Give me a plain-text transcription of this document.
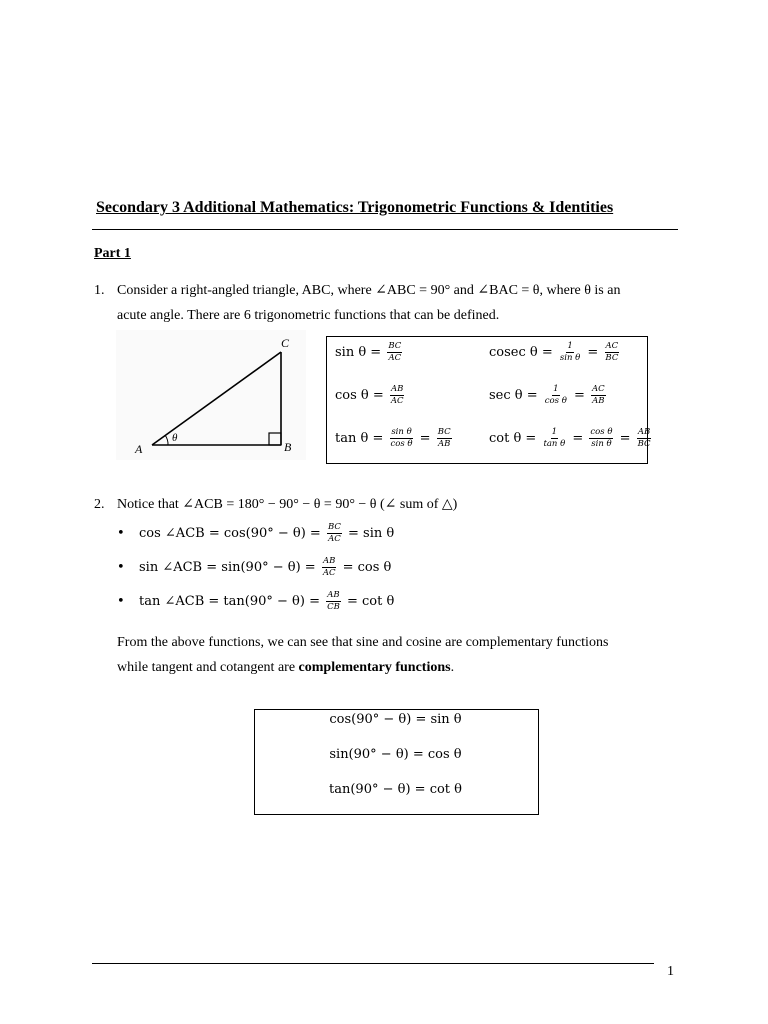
Secondary 3 Additional Mathematics: Trigonometric Functions & Identities
Part 1
1. Consider a right-angled triangle, ABC, where ∠ABC = 90° and ∠BAC = θ, where θ is an
acute angle. There are 6 trigonometric functions that can be defined.
A	B
C
θ
$\sin \theta = \frac{BC}{AC}$	cosec $\theta = \frac{1}{\text{sin θ}} = \frac{AC}{BC}$
$\cos \theta = \frac{AB}{AC}$	$\sec \theta = \frac{1}{\text{cos θ}} = \frac{AC}{AB}$
$\tan \theta = \frac{\text{sin θ}}{\text{cos θ}} = \frac{BC}{AB}$	$\cot \theta = \frac{1}{\text{tan θ}} = \frac{\text{cos θ}}{\text{sin θ}} = \frac{AB}{BC}$
2. Notice that ∠ACB = 180° − 90° − θ = 90° − θ (∠ sum of △)
• cos ∠ACB = $\cos(90^\circ - \theta) = \frac{BC}{AC} = \sin \theta$
• sin ∠ACB = $\sin(90^\circ - \theta) = \frac{AB}{AC} = \cos \theta$
• tan ∠ACB = $\tan(90^\circ - \theta) = \frac{AB}{CB} = \cot \theta$
From the above functions, we can see that sine and cosine are complementary functions
while tangent and cotangent are complementary functions.
cos(90° − θ) = sin θ
sin(90° − θ) = cos θ
tan(90° − θ) = cot θ
1
